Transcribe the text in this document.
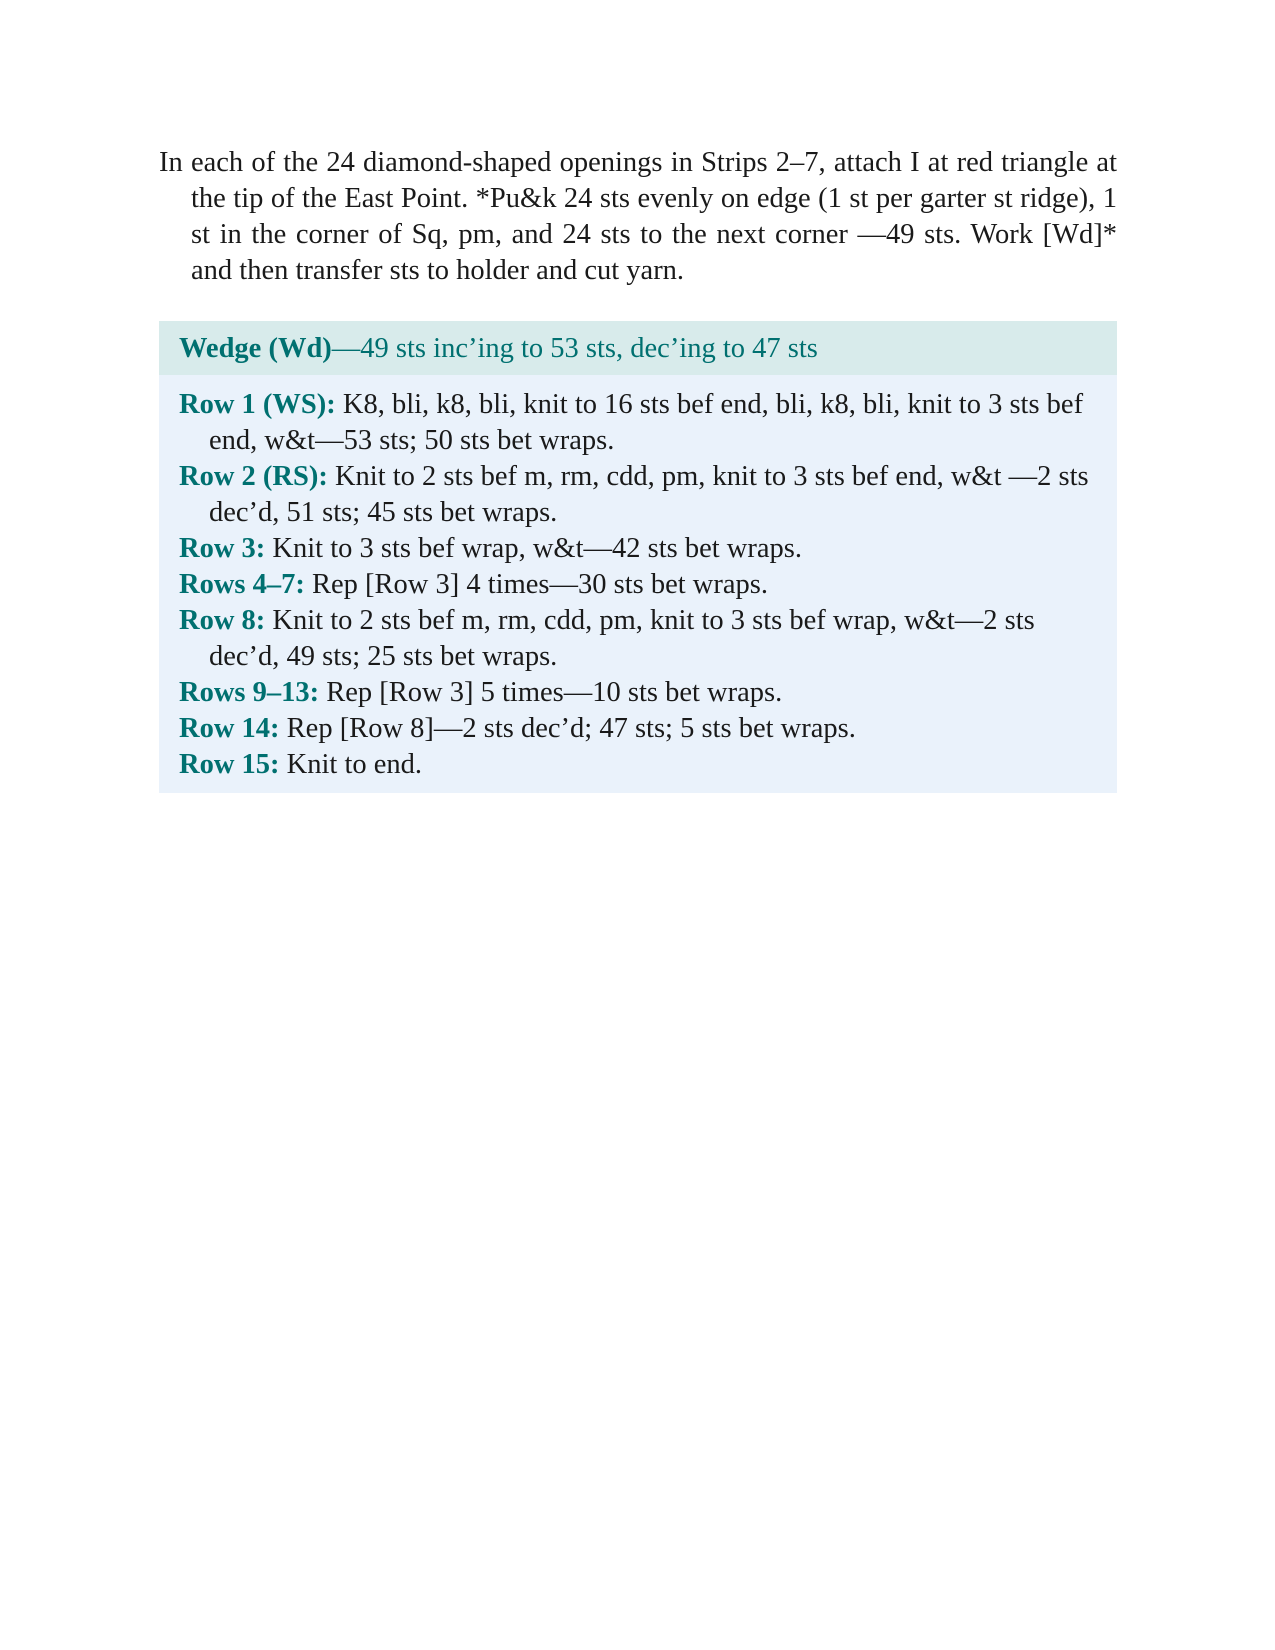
In each of the 24 diamond-shaped openings in Strips 2–7, attach I at red triangle at the tip of the East Point. *Pu&k 24 sts evenly on edge (1 st per garter st ridge), 1 st in the corner of Sq, pm, and 24 sts to the next corner —49 sts. Work [Wd]* and then transfer sts to holder and cut yarn.

Wedge (Wd)—49 sts inc’ing to 53 sts, dec’ing to 47 sts

Row 1 (WS): K8, bli, k8, bli, knit to 16 sts bef end, bli, k8, bli, knit to 3 sts bef end, w&t—53 sts; 50 sts bet wraps.

Row 2 (RS): Knit to 2 sts bef m, rm, cdd, pm, knit to 3 sts bef end, w&t —2 sts dec’d, 51 sts; 45 sts bet wraps.

Row 3: Knit to 3 sts bef wrap, w&t—42 sts bet wraps.

Rows 4–7: Rep [Row 3] 4 times—30 sts bet wraps.

Row 8: Knit to 2 sts bef m, rm, cdd, pm, knit to 3 sts bef wrap, w&t—2 sts dec’d, 49 sts; 25 sts bet wraps.

Rows 9–13: Rep [Row 3] 5 times—10 sts bet wraps.

Row 14: Rep [Row 8]—2 sts dec’d; 47 sts; 5 sts bet wraps.

Row 15: Knit to end.
